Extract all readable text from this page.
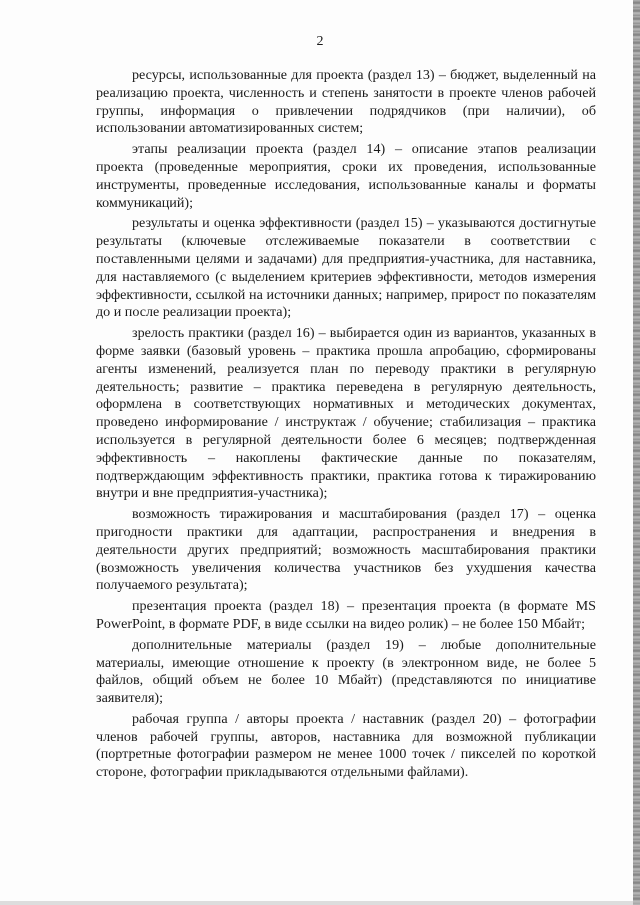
2

ресурсы, использованные для проекта (раздел 13) – бюджет, выделенный на реализацию проекта, численность и степень занятости в проекте членов рабочей группы, информация о привлечении подрядчиков (при наличии), об использовании автоматизированных систем;

этапы реализации проекта (раздел 14) – описание этапов реализации проекта (проведенные мероприятия, сроки их проведения, использованные инструменты, проведенные исследования, использованные каналы и форматы коммуникаций);

результаты и оценка эффективности (раздел 15) – указываются достигнутые результаты (ключевые отслеживаемые показатели в соответствии с поставленными целями и задачами) для предприятия-участника, для наставника, для наставляемого (с выделением критериев эффективности, методов измерения эффективности, ссылкой на источники данных; например, прирост по показателям до и после реализации проекта);

зрелость практики (раздел 16) – выбирается один из вариантов, указанных в форме заявки (базовый уровень – практика прошла апробацию, сформированы агенты изменений, реализуется план по переводу практики в регулярную деятельность; развитие – практика переведена в регулярную деятельность, оформлена в соответствующих нормативных и методических документах, проведено информирование / инструктаж / обучение; стабилизация – практика используется в регулярной деятельности более 6 месяцев; подтвержденная эффективность – накоплены фактические данные по показателям, подтверждающим эффективность практики, практика готова к тиражированию внутри и вне предприятия-участника);

возможность тиражирования и масштабирования (раздел 17) – оценка пригодности практики для адаптации, распространения и внедрения в деятельности других предприятий; возможность масштабирования практики (возможность увеличения количества участников без ухудшения качества получаемого результата);

презентация проекта (раздел 18) – презентация проекта (в формате MS PowerPoint, в формате PDF, в виде ссылки на видео ролик) – не более 150 Мбайт;

дополнительные материалы (раздел 19) – любые дополнительные материалы, имеющие отношение к проекту (в электронном виде, не более 5 файлов, общий объем не более 10 Мбайт) (представляются по инициативе заявителя);

рабочая группа / авторы проекта / наставник (раздел 20) – фотографии членов рабочей группы, авторов, наставника для возможной публикации (портретные фотографии размером не менее 1000 точек / пикселей по короткой стороне, фотографии прикладываются отдельными файлами).
